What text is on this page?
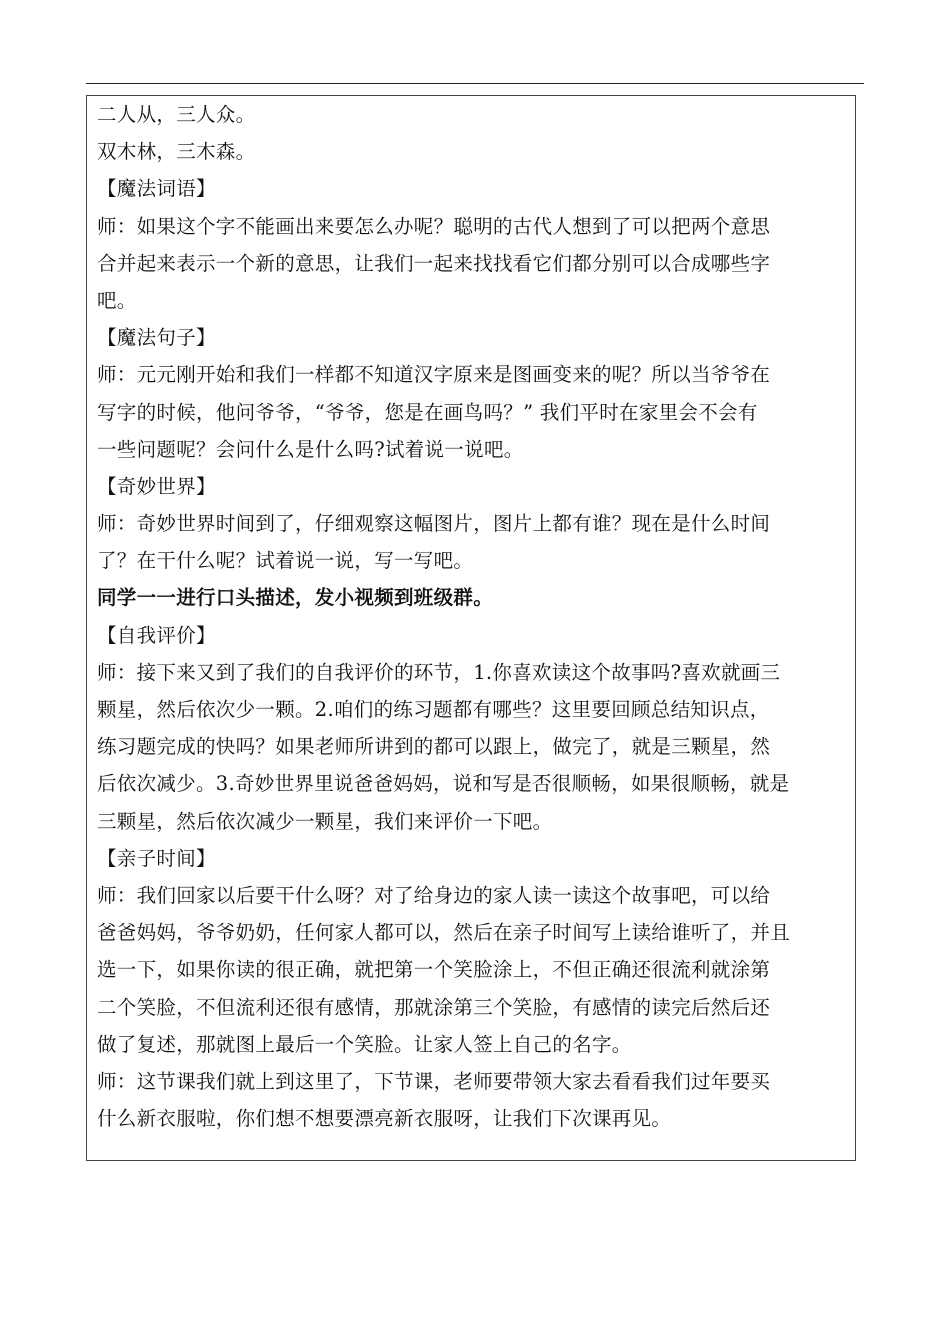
二人从，三人众。
双木林，三木森。
【魔法词语】
师：如果这个字不能画出来要怎么办呢？聪明的古代人想到了可以把两个意思
合并起来表示一个新的意思，让我们一起来找找看它们都分别可以合成哪些字
吧。
【魔法句子】
师：元元刚开始和我们一样都不知道汉字原来是图画变来的呢？所以当爷爷在
写字的时候，他问爷爷，“爷爷，您是在画鸟吗？” 我们平时在家里会不会有
一些问题呢？会问什么是什么吗?试着说一说吧。
【奇妙世界】
师：奇妙世界时间到了，仔细观察这幅图片，图片上都有谁？现在是什么时间
了？在干什么呢？试着说一说，写一写吧。
同学一一进行口头描述，发小视频到班级群。
【自我评价】
师：接下来又到了我们的自我评价的环节，1.你喜欢读这个故事吗?喜欢就画三
颗星，然后依次少一颗。2.咱们的练习题都有哪些？这里要回顾总结知识点，
练习题完成的快吗？如果老师所讲到的都可以跟上，做完了，就是三颗星，然
后依次减少。3.奇妙世界里说爸爸妈妈，说和写是否很顺畅，如果很顺畅，就是
三颗星，然后依次减少一颗星，我们来评价一下吧。
【亲子时间】
师：我们回家以后要干什么呀？对了给身边的家人读一读这个故事吧，可以给
爸爸妈妈，爷爷奶奶，任何家人都可以，然后在亲子时间写上读给谁听了，并且
选一下，如果你读的很正确，就把第一个笑脸涂上，不但正确还很流利就涂第
二个笑脸，不但流利还很有感情，那就涂第三个笑脸，有感情的读完后然后还
做了复述，那就图上最后一个笑脸。让家人签上自己的名字。
师：这节课我们就上到这里了，下节课，老师要带领大家去看看我们过年要买
什么新衣服啦，你们想不想要漂亮新衣服呀，让我们下次课再见。
